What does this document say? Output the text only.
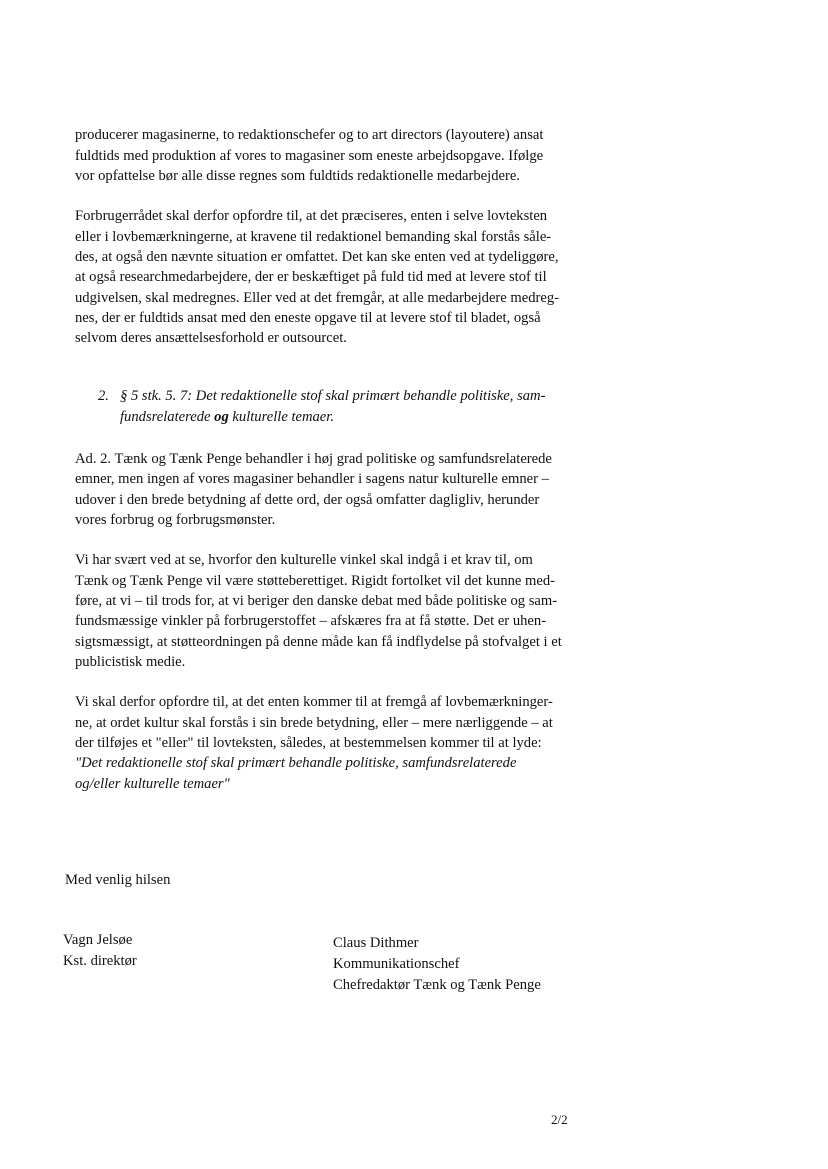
producerer magasinerne, to redaktionschefer og to art directors (layoutere) ansat
fuldtids med produktion af vores to magasiner som eneste arbejdsopgave. Ifølge
vor opfattelse bør alle disse regnes som fuldtids redaktionelle medarbejdere.
Forbrugerrådet skal derfor opfordre til, at det præciseres, enten i selve lovteksten
eller i lovbemærkningerne, at kravene til redaktionel bemanding skal forstås såle-
des, at også den nævnte situation er omfattet. Det kan ske enten ved at tydeliggøre,
at også researchmedarbejdere, der er beskæftiget på fuld tid med at levere stof til
udgivelsen, skal medregnes. Eller ved at det fremgår, at alle medarbejdere medreg-
nes, der er fuldtids ansat med den eneste opgave til at levere stof til bladet, også
selvom deres ansættelsesforhold er outsourcet.
2. § 5 stk. 5. 7: Det redaktionelle stof skal primært behandle politiske, sam-
fundsrelaterede og kulturelle temaer.
Ad. 2. Tænk og Tænk Penge behandler i høj grad politiske og samfundsrelaterede
emner, men ingen af vores magasiner behandler i sagens natur kulturelle emner –
udover i den brede betydning af dette ord, der også omfatter dagligliv, herunder
vores forbrug og forbrugsmønster.
Vi har svært ved at se, hvorfor den kulturelle vinkel skal indgå i et krav til, om
Tænk og Tænk Penge vil være støtteberettiget. Rigidt fortolket vil det kunne med-
føre, at vi – til trods for, at vi beriger den danske debat med både politiske og sam-
fundsmæssige vinkler på forbrugerstoffet – afskæres fra at få støtte. Det er uhen-
sigtsmæssigt, at støtteordningen på denne måde kan få indflydelse på stofvalget i et
publicistisk medie.
Vi skal derfor opfordre til, at det enten kommer til at fremgå af lovbemærkninger-
ne, at ordet kultur skal forstås i sin brede betydning, eller – mere nærliggende – at
der tilføjes et "eller" til lovteksten, således, at bestemmelsen kommer til at lyde:
"Det redaktionelle stof skal primært behandle politiske, samfundsrelaterede
og/eller kulturelle temaer"
Med venlig hilsen
Vagn Jelsøe
Kst. direktør
Claus Dithmer
Kommunikationschef
Chefredaktør Tænk og Tænk Penge
2/2
